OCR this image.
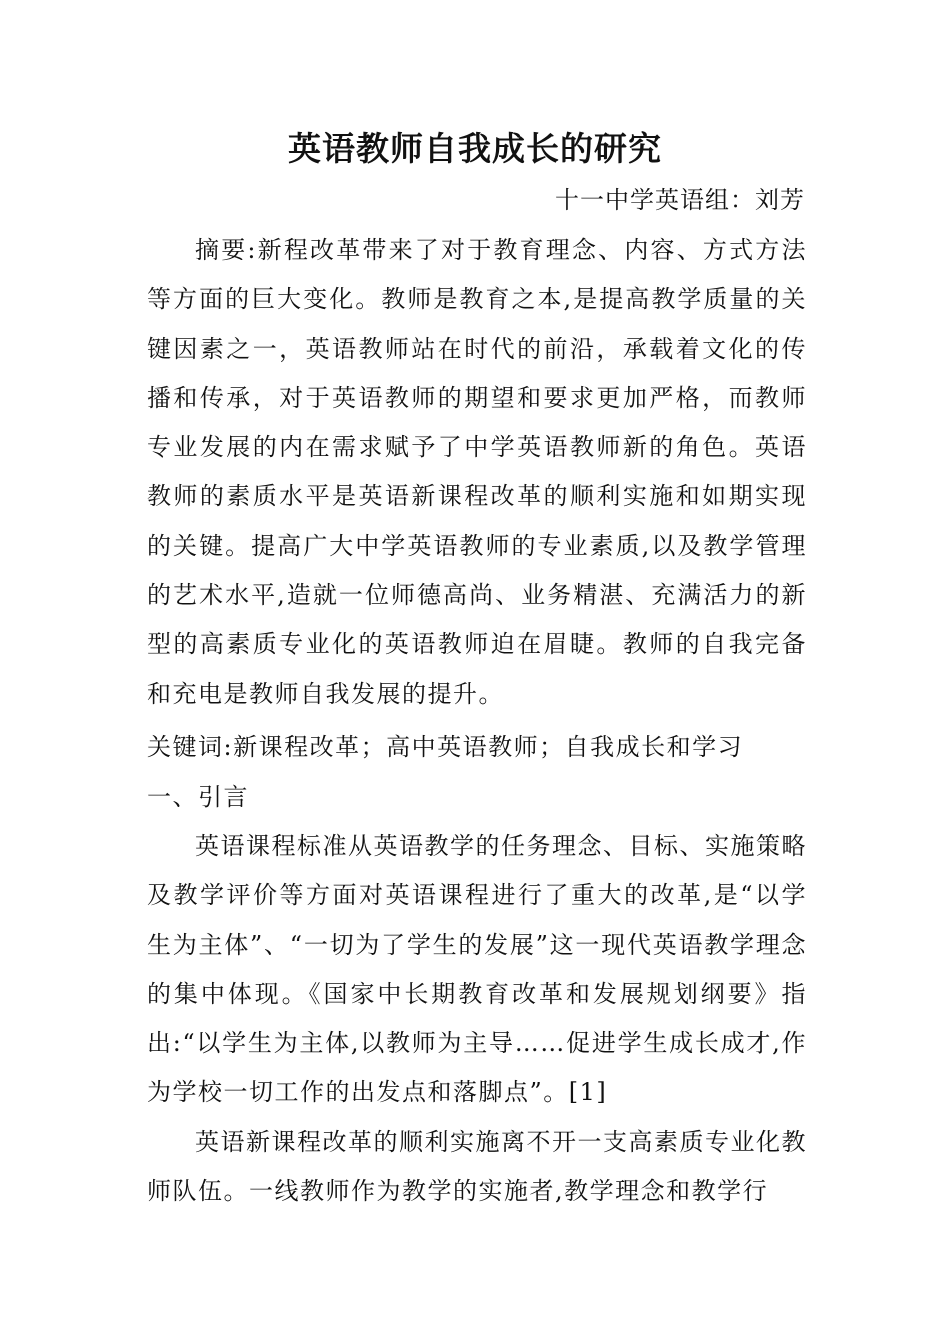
英语教师自我成长的研究
十一中学英语组：刘芳

摘要:新程改革带来了对于教育理念、内容、方式方法等方面的巨大变化。教师是教育之本,是提高教学质量的关键因素之一，英语教师站在时代的前沿，承载着文化的传播和传承，对于英语教师的期望和要求更加严格，而教师专业发展的内在需求赋予了中学英语教师新的角色。英语教师的素质水平是英语新课程改革的顺利实施和如期实现的关键。提高广大中学英语教师的专业素质,以及教学管理的艺术水平,造就一位师德高尚、业务精湛、充满活力的新型的高素质专业化的英语教师迫在眉睫。教师的自我完备和充电是教师自我发展的提升。

关键词:新课程改革；高中英语教师；自我成长和学习

一、引言

英语课程标准从英语教学的任务理念、目标、实施策略及教学评价等方面对英语课程进行了重大的改革,是“以学生为主体”、“一切为了学生的发展”这一现代英语教学理念的集中体现。《国家中长期教育改革和发展规划纲要》指出:“以学生为主体,以教师为主导……促进学生成长成才,作为学校一切工作的出发点和落脚点”。[1]

英语新课程改革的顺利实施离不开一支高素质专业化教师队伍。一线教师作为教学的实施者,教学理念和教学行
